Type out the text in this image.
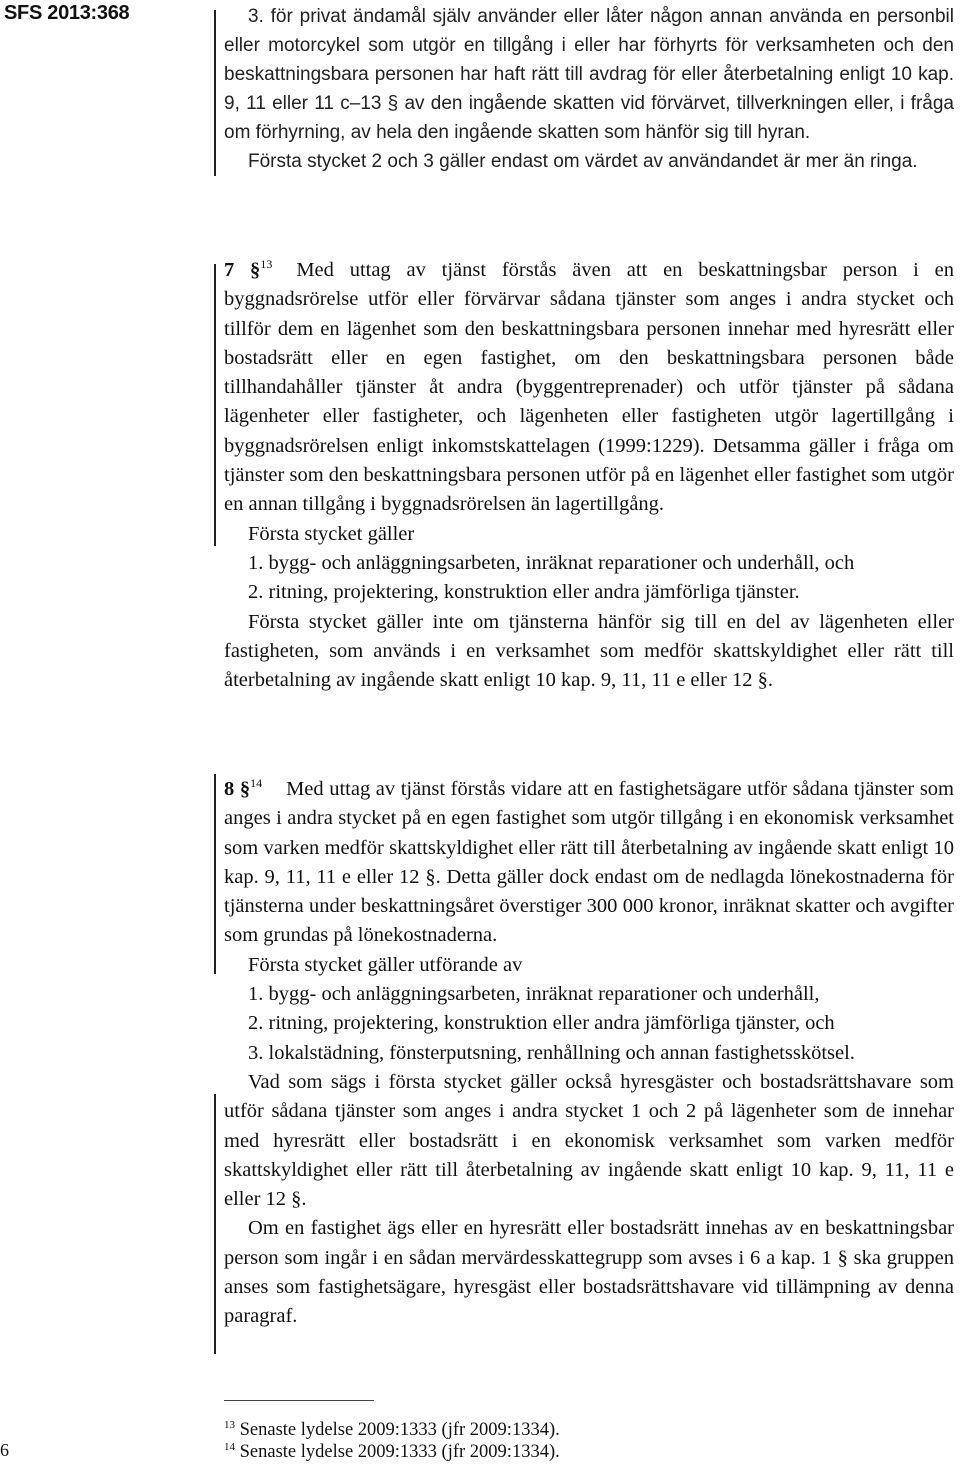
SFS 2013:368	3. för privat ändamål själv använder eller låter någon annan använda en personbil eller motorcykel som utgör en tillgång i eller har förhyrts för verksamheten och den beskattningsbara personen har haft rätt till avdrag för eller återbetalning enligt 10 kap. 9, 11 eller 11 c–13 § av den ingående skatten vid förvärvet, tillverkningen eller, i fråga om förhyrning, av hela den ingående skatten som hänför sig till hyran.

Första stycket 2 och 3 gäller endast om värdet av användandet är mer än ringa.

7 §$^{13}$ Med uttag av tjänst förstås även att en beskattningsbar person i en byggnadsrörelse utför eller förvärvar sådana tjänster som anges i andra stycket och tillför dem en lägenhet som den beskattningsbara personen innehar med hyresrätt eller bostadsrätt eller en egen fastighet, om den beskattningsbara personen både tillhandahåller tjänster åt andra (byggentreprenader) och utför tjänster på sådana lägenheter eller fastigheter, och lägenheten eller fastigheten utgör lagertillgång i byggnadsrörelsen enligt inkomstskattelagen (1999:1229). Detsamma gäller i fråga om tjänster som den beskattningsbara personen utför på en lägenhet eller fastighet som utgör en annan tillgång i byggnadsrörelsen än lagertillgång.

Första stycket gäller

1. bygg- och anläggningsarbeten, inräknat reparationer och underhåll, och

2. ritning, projektering, konstruktion eller andra jämförliga tjänster.

Första stycket gäller inte om tjänsterna hänför sig till en del av lägenheten eller fastigheten, som används i en verksamhet som medför skattskyldighet eller rätt till återbetalning av ingående skatt enligt 10 kap. 9, 11, 11 e eller 12 §.

8 §$^{14}$ Med uttag av tjänst förstås vidare att en fastighetsägare utför sådana tjänster som anges i andra stycket på en egen fastighet som utgör tillgång i en ekonomisk verksamhet som varken medför skattskyldighet eller rätt till återbetalning av ingående skatt enligt 10 kap. 9, 11, 11 e eller 12 §. Detta gäller dock endast om de nedlagda lönekostnaderna för tjänsterna under beskattningsåret överstiger 300 000 kronor, inräknat skatter och avgifter som grundas på lönekostnaderna.

Första stycket gäller utförande av

1. bygg- och anläggningsarbeten, inräknat reparationer och underhåll,

2. ritning, projektering, konstruktion eller andra jämförliga tjänster, och

3. lokalstädning, fönsterputsning, renhållning och annan fastighetsskötsel.

Vad som sägs i första stycket gäller också hyresgäster och bostadsrättshavare som utför sådana tjänster som anges i andra stycket 1 och 2 på lägenheter som de innehar med hyresrätt eller bostadsrätt i en ekonomisk verksamhet som varken medför skattskyldighet eller rätt till återbetalning av ingående skatt enligt 10 kap. 9, 11, 11 e eller 12 §.

Om en fastighet ägs eller en hyresrätt eller bostadsrätt innehas av en beskattningsbar person som ingår i en sådan mervärdesskattegrupp som avses i 6 a kap. 1 § ska gruppen anses som fastighetsägare, hyresgäst eller bostadsrättshavare vid tillämpning av denna paragraf.

$^{13}$ Senaste lydelse 2009:1333 (jfr 2009:1334).
$^{14}$ Senaste lydelse 2009:1333 (jfr 2009:1334).
6
